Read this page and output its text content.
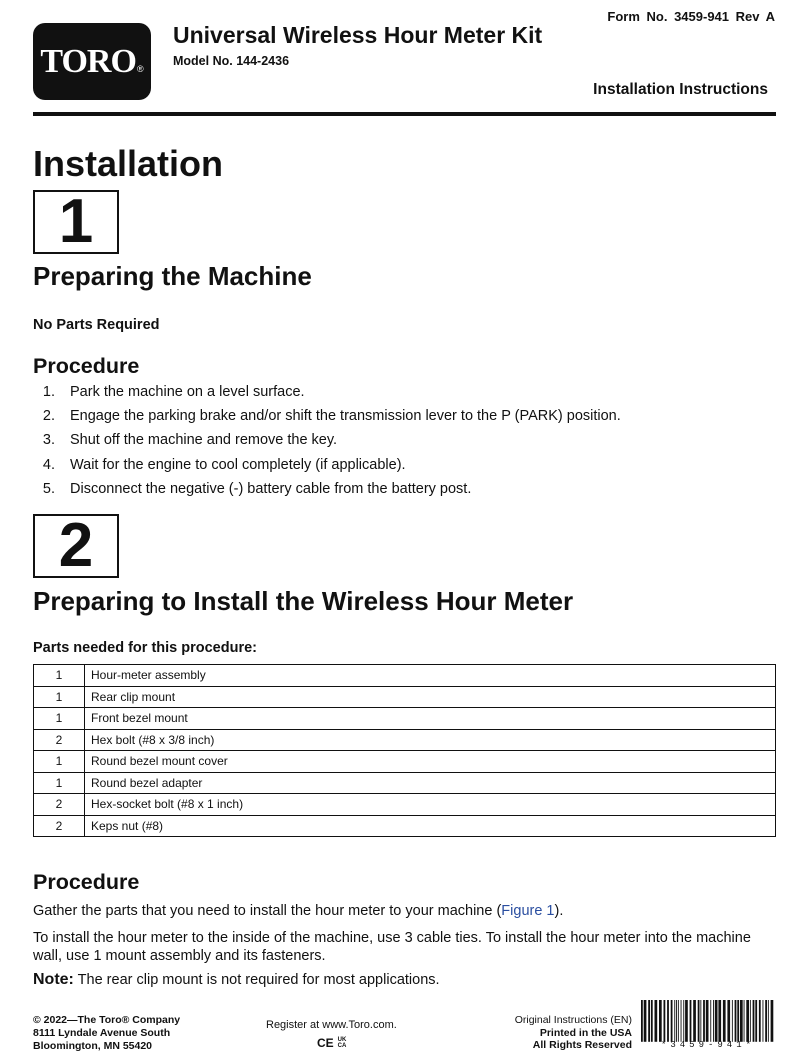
TORO ®
Universal Wireless Hour Meter Kit
Model No. 144-2436
Form No. 3459-941 Rev A
Installation Instructions
Installation
1
Preparing the Machine
No Parts Required
Procedure
1.	Park the machine on a level surface.
2.	Engage the parking brake and/or shift the transmission lever to the P (PARK) position.
3.	Shut off the machine and remove the key.
4.	Wait for the engine to cool completely (if applicable).
5.	Disconnect the negative (-) battery cable from the battery post.
2
Preparing to Install the Wireless Hour Meter
Parts needed for this procedure:
1	Hour-meter assembly
1	Rear clip mount
1	Front bezel mount
2	Hex bolt (#8 x 3/8 inch)
1	Round bezel mount cover
1	Round bezel adapter
2	Hex-socket bolt (#8 x 1 inch)
2	Keps nut (#8)
Procedure
Gather the parts that you need to install the hour meter to your machine (Figure 1).
To install the hour meter to the inside of the machine, use 3 cable ties. To install the hour meter into the machine wall, use 1 mount assembly and its fasteners.
Note: The rear clip mount is not required for most applications.
© 2022—The Toro® Company
8111 Lyndale Avenue South
Bloomington, MN 55420
Register at www.Toro.com.
CE UK
CA
Original Instructions (EN)
Printed in the USA
All Rights Reserved	*3459-941*
